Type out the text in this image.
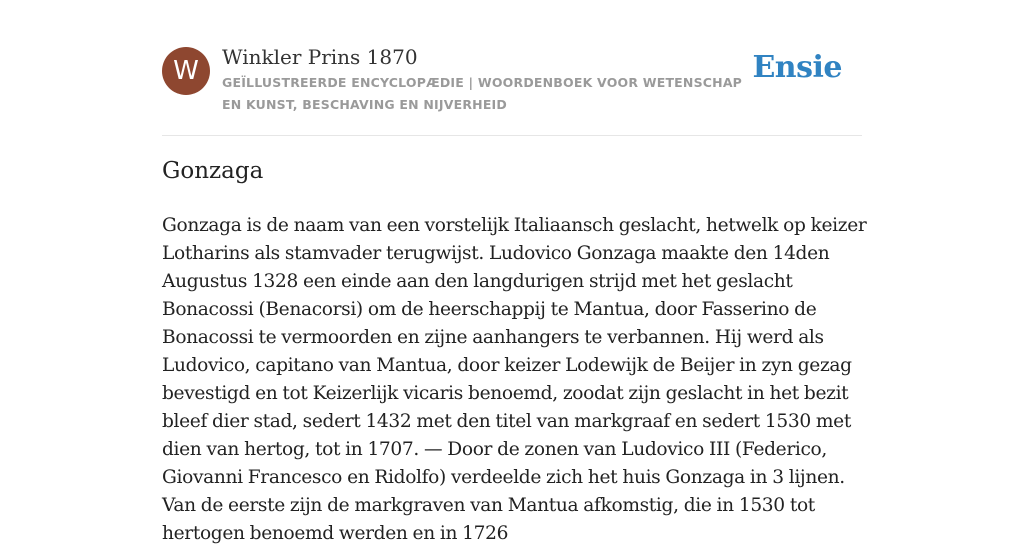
W	Winkler Prins 1870
GEÏLLUSTREERDE ENCYCLOPÆDIE | WOORDENBOEK VOOR WETENSCHAP EN KUNST, BESCHAVING EN NIJVERHEID
Ensie
Gonzaga

Gonzaga is de naam van een vorstelijk Italiaansch geslacht, hetwelk op keizer Lotharins als stamvader terugwijst. Ludovico Gonzaga maakte den 14den Augustus 1328 een einde aan den langdurigen strijd met het geslacht Bonacossi (Benacorsi) om de heerschappij te Mantua, door Fasserino de Bonacossi te vermoorden en zijne aanhangers te verbannen. Hij werd als Ludovico, capitano van Mantua, door keizer Lodewijk de Beijer in zyn gezag bevestigd en tot Keizerlijk vicaris benoemd, zoodat zijn geslacht in het bezit bleef dier stad, sedert 1432 met den titel van markgraaf en sedert 1530 met dien van hertog, tot in 1707. — Door de zonen van Ludovico III (Federico, Giovanni Francesco en Ridolfo) verdeelde zich het huis Gonzaga in 3 lijnen. Van de eerste zijn de markgraven van Mantua afkomstig, die in 1530 tot hertogen benoemd werden en in 1726
